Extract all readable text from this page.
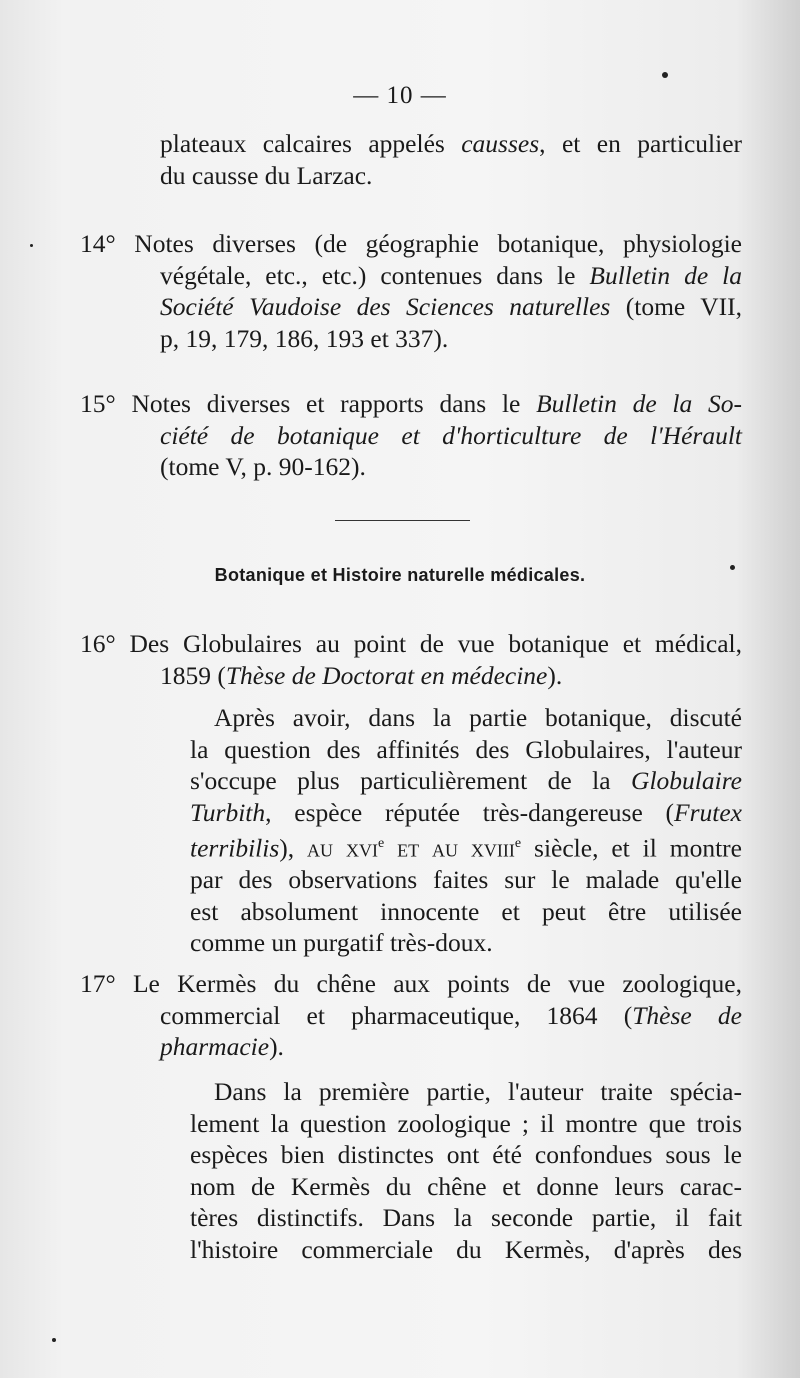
— 10 —
plateaux calcaires appelés causses, et en particulier
du causse du Larzac.
14° Notes diverses (de géographie botanique, physiologie
végétale, etc., etc.) contenues dans le Bulletin de la
Société Vaudoise des Sciences naturelles (tome VII,
p, 19, 179, 186, 193 et 337).
15° Notes diverses et rapports dans le Bulletin de la So-
ciété de botanique et d'horticulture de l'Hérault
(tome V, p. 90-162).
Botanique et Histoire naturelle médicales.
16° Des Globulaires au point de vue botanique et médical,
1859 (Thèse de Doctorat en médecine).
Après avoir, dans la partie botanique, discuté
la question des affinités des Globulaires, l'auteur
s'occupe plus particulièrement de la Globulaire
Turbith, espèce réputée très-dangereuse (Frutex
terribilis), au xvi$^e$ et au xviii$^e$ siècle, et il montre
par des observations faites sur le malade qu'elle
est absolument innocente et peut être utilisée
comme un purgatif très-doux.
17° Le Kermès du chêne aux points de vue zoologique,
commercial et pharmaceutique, 1864 (Thèse de
pharmacie).
Dans la première partie, l'auteur traite spécia-
lement la question zoologique ; il montre que trois
espèces bien distinctes ont été confondues sous le
nom de Kermès du chêne et donne leurs carac-
tères distinctifs. Dans la seconde partie, il fait
l'histoire commerciale du Kermès, d'après des
